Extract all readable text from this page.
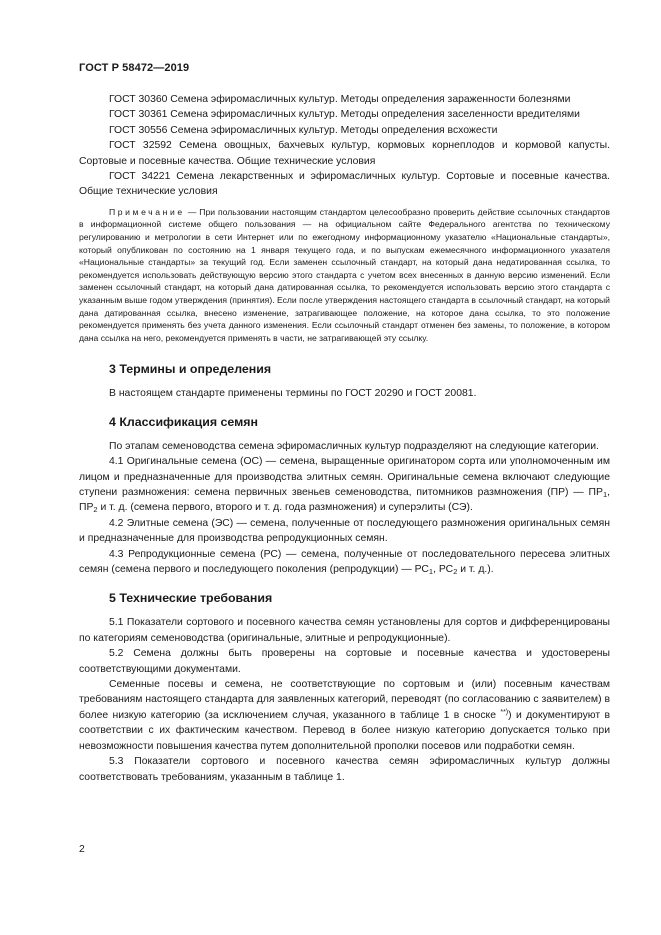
ГОСТ Р 58472—2019

ГОСТ 30360 Семена эфиромасличных культур. Методы определения зараженности болезнями

ГОСТ 30361 Семена эфиромасличных культур. Методы определения заселенности вредителями

ГОСТ 30556 Семена эфиромасличных культур. Методы определения всхожести

ГОСТ 32592 Семена овощных, бахчевых культур, кормовых корнеплодов и кормовой капусты. Сортовые и посевные качества. Общие технические условия

ГОСТ 34221 Семена лекарственных и эфиромасличных культур. Сортовые и посевные качества. Общие технические условия

Примечание — При пользовании настоящим стандартом целесообразно проверить действие ссылочных стандартов в информационной системе общего пользования — на официальном сайте Федерального агентства по техническому регулированию и метрологии в сети Интернет или по ежегодному информационному указателю «Национальные стандарты», который опубликован по состоянию на 1 января текущего года, и по выпускам ежемесячного информационного указателя «Национальные стандарты» за текущий год. Если заменен ссылочный стандарт, на который дана недатированная ссылка, то рекомендуется использовать действующую версию этого стандарта с учетом всех внесенных в данную версию изменений. Если заменен ссылочный стандарт, на который дана датированная ссылка, то рекомендуется использовать версию этого стандарта с указанным выше годом утверждения (принятия). Если после утверждения настоящего стандарта в ссылочный стандарт, на который дана датированная ссылка, внесено изменение, затрагивающее положение, на которое дана ссылка, то это положение рекомендуется применять без учета данного изменения. Если ссылочный стандарт отменен без замены, то положение, в котором дана ссылка на него, рекомендуется применять в части, не затрагивающей эту ссылку.

3 Термины и определения

В настоящем стандарте применены термины по ГОСТ 20290 и ГОСТ 20081.

4 Классификация семян

По этапам семеноводства семена эфиромасличных культур подразделяют на следующие категории.

4.1 Оригинальные семена (ОС) — семена, выращенные оригинатором сорта или уполномоченным им лицом и предназначенные для производства элитных семян. Оригинальные семена включают следующие ступени размножения: семена первичных звеньев семеноводства, питомников размножения (ПР) — $ПР_1$, $ПР_2$ и т. д. (семена первого, второго и т. д. года размножения) и суперэлиты (СЭ).

4.2 Элитные семена (ЭС) — семена, полученные от последующего размножения оригинальных семян и предназначенные для производства репродукционных семян.

4.3 Репродукционные семена (РС) — семена, полученные от последовательного пересева элитных семян (семена первого и последующего поколения (репродукции) — $РС_1$, $РС_2$ и т. д.).

5 Технические требования

5.1 Показатели сортового и посевного качества семян установлены для сортов и дифференцированы по категориям семеноводства (оригинальные, элитные и репродукционные).

5.2 Семена должны быть проверены на сортовые и посевные качества и удостоверены соответствующими документами.

Семенные посевы и семена, не соответствующие по сортовым и (или) посевным качествам требованиям настоящего стандарта для заявленных категорий, переводят (по согласованию с заявителем) в более низкую категорию (за исключением случая, указанного в таблице 1 в сноске **)) и документируют в соответствии с их фактическим качеством. Перевод в более низкую категорию допускается только при невозможности повышения качества путем дополнительной прополки посевов или подработки семян.

5.3 Показатели сортового и посевного качества семян эфиромасличных культур должны соответствовать требованиям, указанным в таблице 1.

2
